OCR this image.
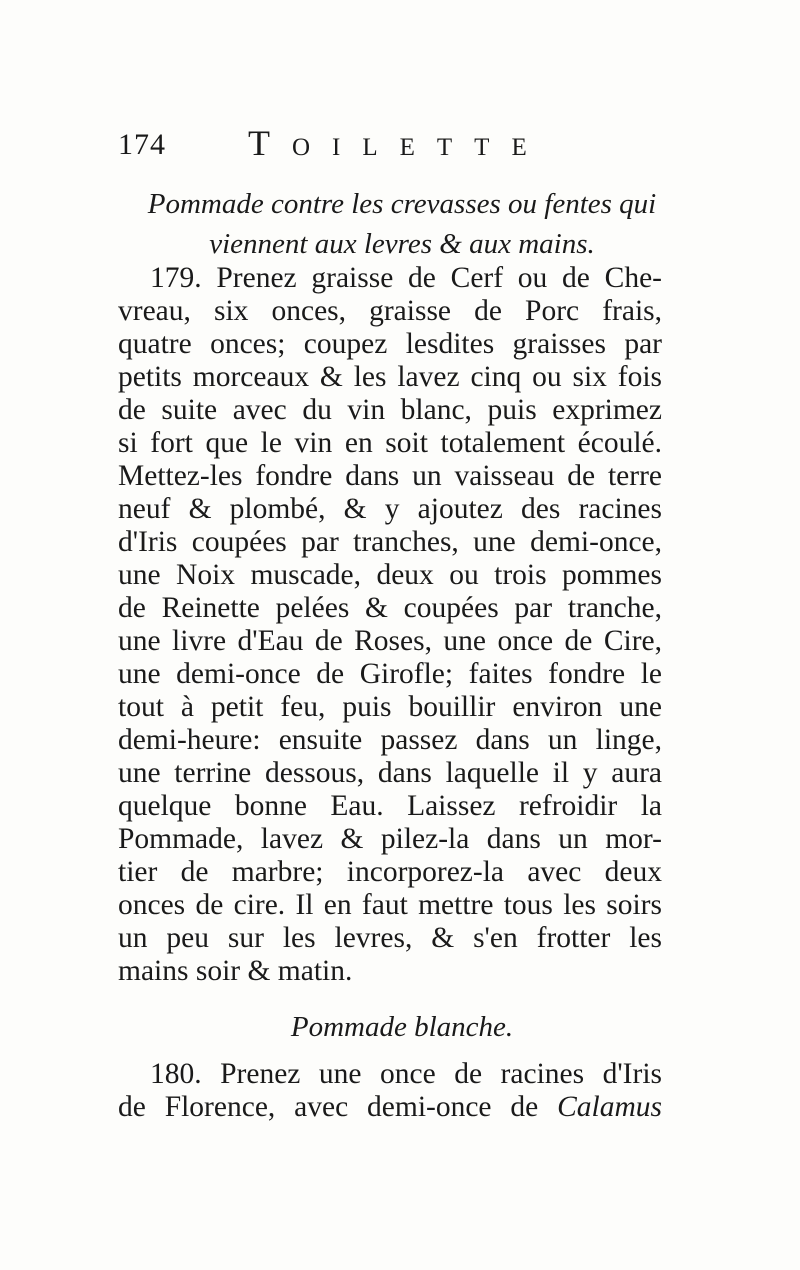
174 Toilette
Pommade contre les crevasses ou fentes qui
viennent aux levres & aux mains.
179. Prenez graisse de Cerf ou de Che-
vreau, six onces, graisse de Porc frais,
quatre onces; coupez lesdites graisses par
petits morceaux & les lavez cinq ou six fois
de suite avec du vin blanc, puis exprimez
si fort que le vin en soit totalement écoulé.
Mettez-les fondre dans un vaisseau de terre
neuf & plombé, & y ajoutez des racines
d'Iris coupées par tranches, une demi-once,
une Noix muscade, deux ou trois pommes
de Reinette pelées & coupées par tranche,
une livre d'Eau de Roses, une once de Cire,
une demi-once de Girofle; faites fondre le
tout à petit feu, puis bouillir environ une
demi-heure: ensuite passez dans un linge,
une terrine dessous, dans laquelle il y aura
quelque bonne Eau. Laissez refroidir la
Pommade, lavez & pilez-la dans un mor-
tier de marbre; incorporez-la avec deux
onces de cire. Il en faut mettre tous les soirs
un peu sur les levres, & s'en frotter les
mains soir & matin.
Pommade blanche.
180. Prenez une once de racines d'Iris
de Florence, avec demi-once de Calamus
